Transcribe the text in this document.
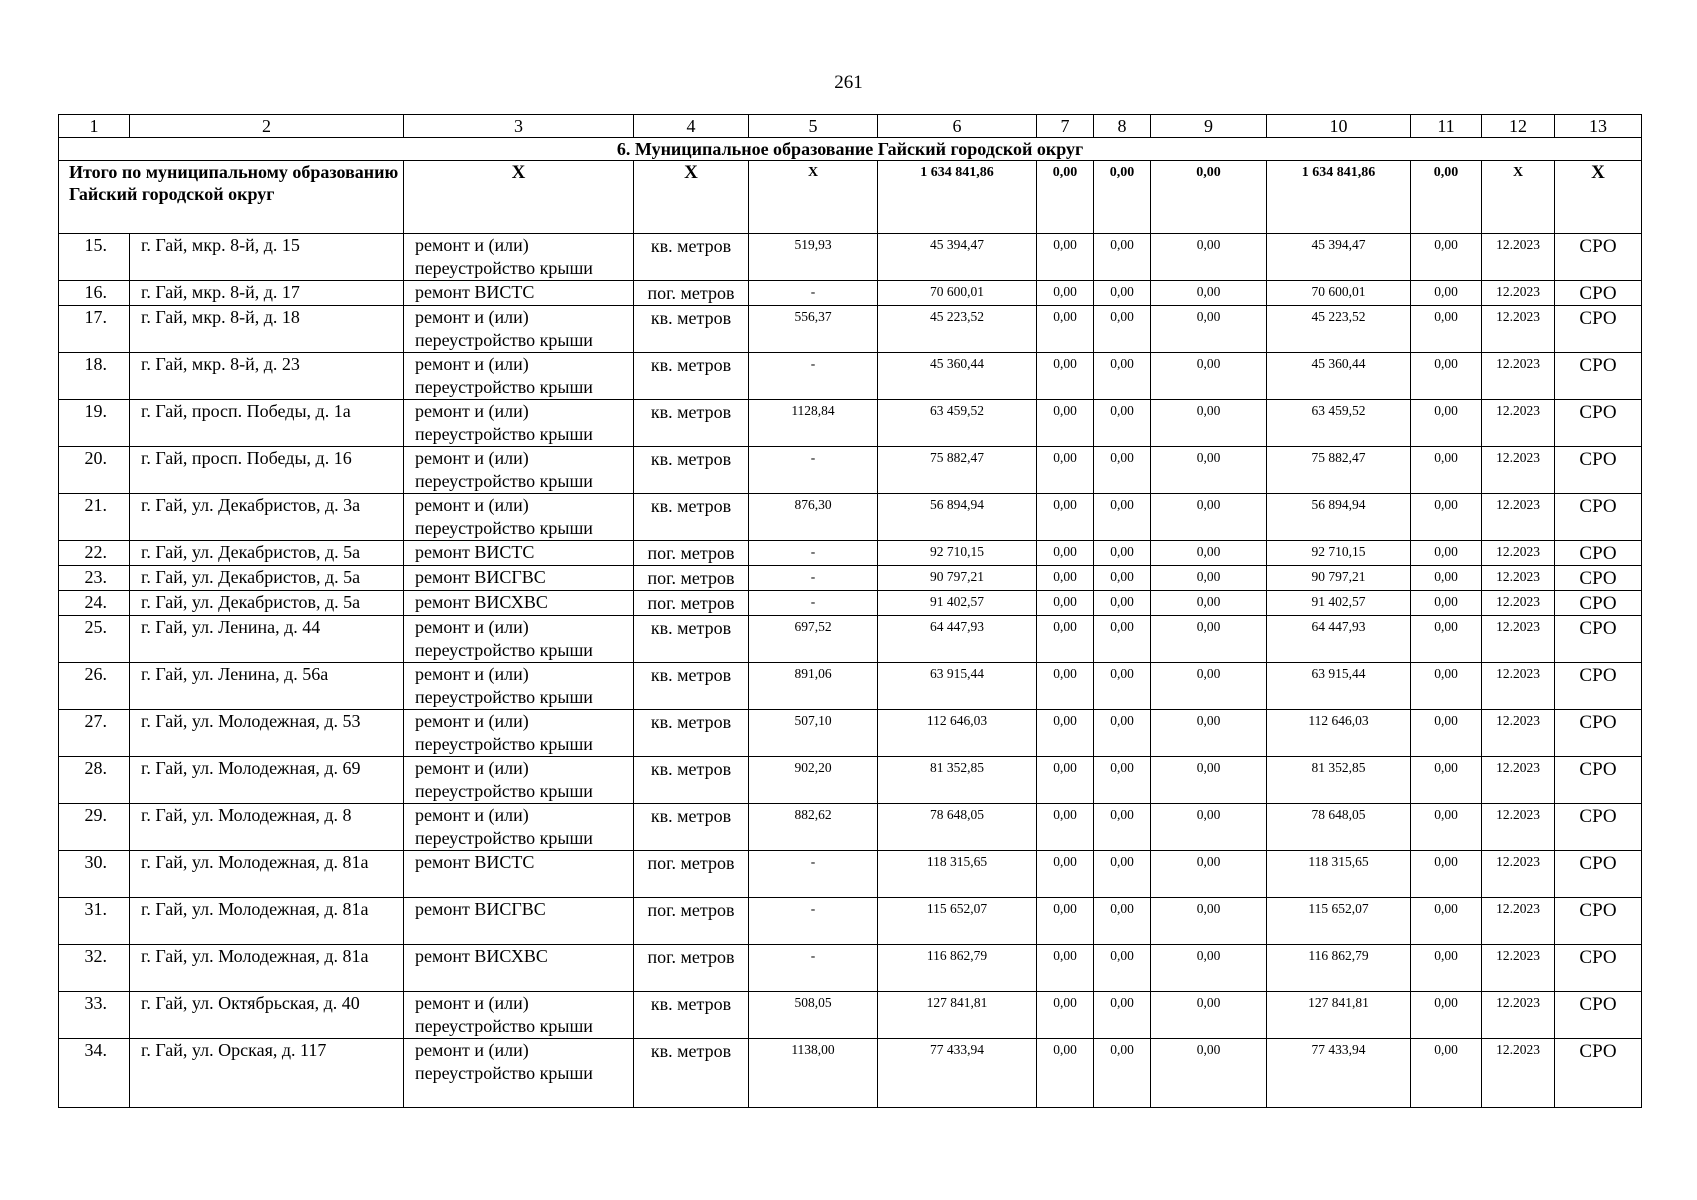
261
1	2	3	4	5	6	7	8	9	10	11	12	13
6. Муниципальное образование Гайский городской округ												
Итого по муниципальному образованию Гайский городской округ		X	X	X	1 634 841,86	0,00	0,00	0,00	1 634 841,86	0,00	X	X
15.	г. Гай, мкр. 8-й, д. 15	ремонт и (или) переустройство крыши	кв. метров	519,93	45 394,47	0,00	0,00	0,00	45 394,47	0,00	12.2023	СРО
16.	г. Гай, мкр. 8-й, д. 17	ремонт ВИСТС	пог. метров	-	70 600,01	0,00	0,00	0,00	70 600,01	0,00	12.2023	СРО
17.	г. Гай, мкр. 8-й, д. 18	ремонт и (или) переустройство крыши	кв. метров	556,37	45 223,52	0,00	0,00	0,00	45 223,52	0,00	12.2023	СРО
18.	г. Гай, мкр. 8-й, д. 23	ремонт и (или) переустройство крыши	кв. метров	-	45 360,44	0,00	0,00	0,00	45 360,44	0,00	12.2023	СРО
19.	г. Гай, просп. Победы, д. 1а	ремонт и (или) переустройство крыши	кв. метров	1128,84	63 459,52	0,00	0,00	0,00	63 459,52	0,00	12.2023	СРО
20.	г. Гай, просп. Победы, д. 16	ремонт и (или) переустройство крыши	кв. метров	-	75 882,47	0,00	0,00	0,00	75 882,47	0,00	12.2023	СРО
21.	г. Гай, ул. Декабристов, д. 3а	ремонт и (или) переустройство крыши	кв. метров	876,30	56 894,94	0,00	0,00	0,00	56 894,94	0,00	12.2023	СРО
22.	г. Гай, ул. Декабристов, д. 5а	ремонт ВИСТС	пог. метров	-	92 710,15	0,00	0,00	0,00	92 710,15	0,00	12.2023	СРО
23.	г. Гай, ул. Декабристов, д. 5а	ремонт ВИСГВС	пог. метров	-	90 797,21	0,00	0,00	0,00	90 797,21	0,00	12.2023	СРО
24.	г. Гай, ул. Декабристов, д. 5а	ремонт ВИСХВС	пог. метров	-	91 402,57	0,00	0,00	0,00	91 402,57	0,00	12.2023	СРО
25.	г. Гай, ул. Ленина, д. 44	ремонт и (или) переустройство крыши	кв. метров	697,52	64 447,93	0,00	0,00	0,00	64 447,93	0,00	12.2023	СРО
26.	г. Гай, ул. Ленина, д. 56а	ремонт и (или) переустройство крыши	кв. метров	891,06	63 915,44	0,00	0,00	0,00	63 915,44	0,00	12.2023	СРО
27.	г. Гай, ул. Молодежная, д. 53	ремонт и (или) переустройство крыши	кв. метров	507,10	112 646,03	0,00	0,00	0,00	112 646,03	0,00	12.2023	СРО
28.	г. Гай, ул. Молодежная, д. 69	ремонт и (или) переустройство крыши	кв. метров	902,20	81 352,85	0,00	0,00	0,00	81 352,85	0,00	12.2023	СРО
29.	г. Гай, ул. Молодежная, д. 8	ремонт и (или) переустройство крыши	кв. метров	882,62	78 648,05	0,00	0,00	0,00	78 648,05	0,00	12.2023	СРО
30.	г. Гай, ул. Молодежная, д. 81а	ремонт ВИСТС	пог. метров	-	118 315,65	0,00	0,00	0,00	118 315,65	0,00	12.2023	СРО
31.	г. Гай, ул. Молодежная, д. 81а	ремонт ВИСГВС	пог. метров	-	115 652,07	0,00	0,00	0,00	115 652,07	0,00	12.2023	СРО
32.	г. Гай, ул. Молодежная, д. 81а	ремонт ВИСХВС	пог. метров	-	116 862,79	0,00	0,00	0,00	116 862,79	0,00	12.2023	СРО
33.	г. Гай, ул. Октябрьская, д. 40	ремонт и (или) переустройство крыши	кв. метров	508,05	127 841,81	0,00	0,00	0,00	127 841,81	0,00	12.2023	СРО
34.	г. Гай, ул. Орская, д. 117	ремонт и (или) переустройство крыши	кв. метров	1138,00	77 433,94	0,00	0,00	0,00	77 433,94	0,00	12.2023	СРО
